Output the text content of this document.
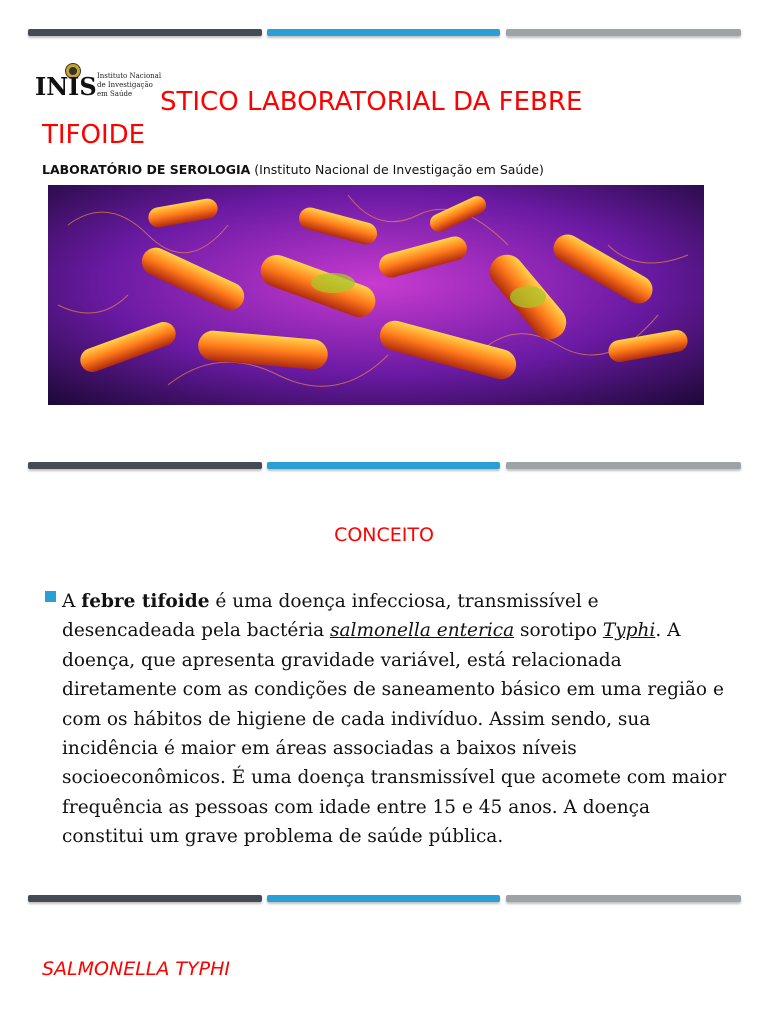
INIS Instituto Nacional
de Investigação
em Saúde STICO LABORATORIAL DA FEBRE
TIFOIDE
LABORATÓRIO DE SEROLOGIA (Instituto Nacional de Investigação em Saúde)
CONCEITO
A febre tifoide é uma doença infecciosa, transmissível e desencadeada pela bactéria salmonella enterica sorotipo Typhi. A doença, que apresenta gravidade variável, está relacionada diretamente com as condições de saneamento básico em uma região e com os hábitos de higiene de cada indivíduo. Assim sendo, sua incidência é maior em áreas associadas a baixos níveis socioeconômicos. É uma doença transmissível que acomete com maior frequência as pessoas com idade entre 15 e 45 anos. A doença constitui um grave problema de saúde pública.
SALMONELLA TYPHI
